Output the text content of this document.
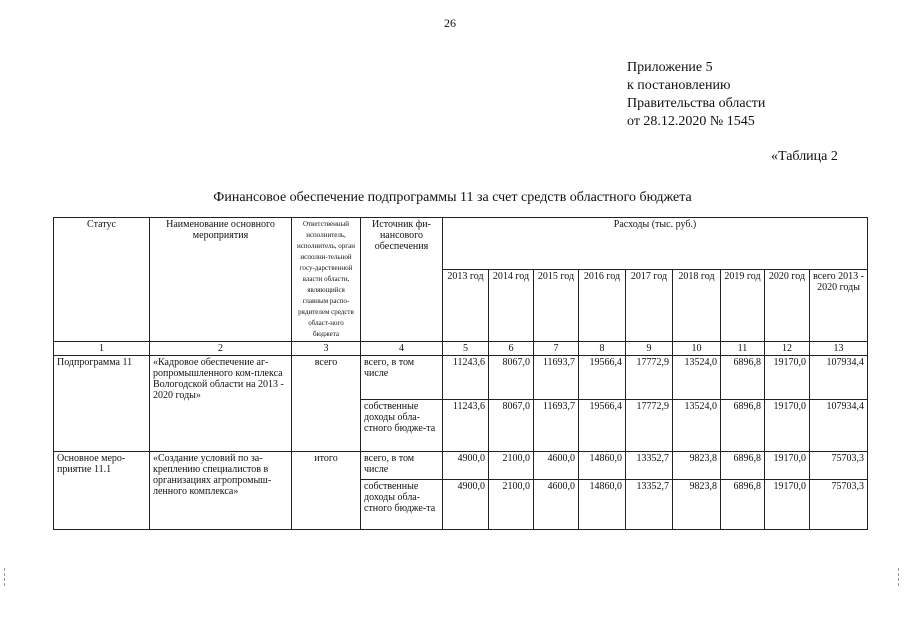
26
Приложение 5
к постановлению
Правительства области
от 28.12.2020 № 1545
«Таблица 2
Финансовое обеспечение подпрограммы 11 за счет средств областного бюджета
Статус	Наименование основного мероприятия	Ответственный исполнитель, исполнитель, орган исполни-тельной госу-дарственной власти области, являющийся главным распо-рядителем средств област-ного бюджета	Источник фи-нансового обеспечения	Расходы (тыс. руб.)								
				2013 год	2014 год	2015 год	2016 год	2017 год	2018 год	2019 год	2020 год	всего 2013 - 2020 годы
1	2	3	4	5	6	7	8	9	10	11	12	13
Подпрограмма 11	«Кадровое обеспечение аг-ропромышленного ком-плекса Вологодской области на 2013 - 2020 годы»	всего	всего, в том числе	11243,6	8067,0	11693,7	19566,4	17772,9	13524,0	6896,8	19170,0	107934,4
			собственные доходы обла-стного бюдже-та	11243,6	8067,0	11693,7	19566,4	17772,9	13524,0	6896,8	19170,0	107934,4
Основное меро-приятие 11.1	«Создание условий по за-креплению специалистов в организациях агропромыш-ленного комплекса»	итого	всего, в том числе	4900,0	2100,0	4600,0	14860,0	13352,7	9823,8	6896,8	19170,0	75703,3
			собственные доходы обла-стного бюдже-та	4900,0	2100,0	4600,0	14860,0	13352,7	9823,8	6896,8	19170,0	75703,3
